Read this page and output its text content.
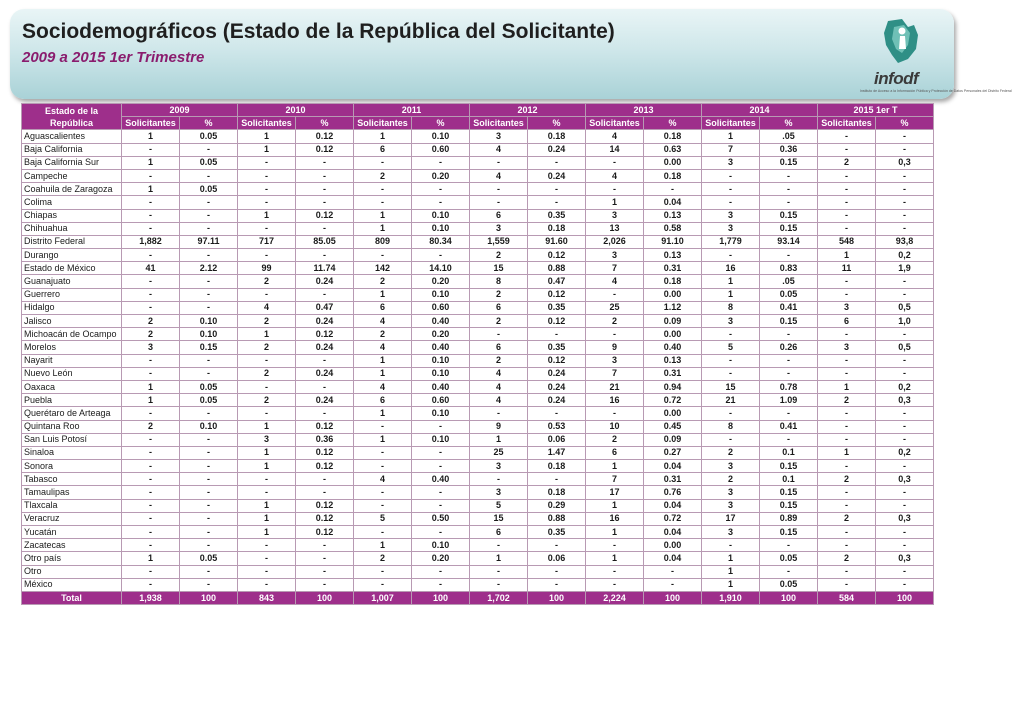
Sociodemográficos (Estado de la República del Solicitante)
2009 a 2015 1er Trimestre
infodf
Instituto de Acceso a la Información Pública y Protección de Datos Personales del Distrito Federal
Estado de la República	2009		2010		2011		2012		2013		2014		2015 1er T	
	Solicitantes	%	Solicitantes	%	Solicitantes	%	Solicitantes	%	Solicitantes	%	Solicitantes	%	Solicitantes	%
Aguascalientes	1	0.05	1	0.12	1	0.10	3	0.18	4	0.18	1	.05	-	-
Baja California	-	-	1	0.12	6	0.60	4	0.24	14	0.63	7	0.36	-	-
Baja California Sur	1	0.05	-	-	-	-	-	-	-	0.00	3	0.15	2	0,3
Campeche	-	-	-	-	2	0.20	4	0.24	4	0.18	-	-	-	-
Coahuila de Zaragoza	1	0.05	-	-	-	-	-	-	-	-	-	-	-	-
Colima	-	-	-	-	-	-	-	-	1	0.04	-	-	-	-
Chiapas	-	-	1	0.12	1	0.10	6	0.35	3	0.13	3	0.15	-	-
Chihuahua	-	-	-	-	1	0.10	3	0.18	13	0.58	3	0.15	-	-
Distrito Federal	1,882	97.11	717	85.05	809	80.34	1,559	91.60	2,026	91.10	1,779	93.14	548	93,8
Durango	-	-	-	-	-	-	2	0.12	3	0.13	-	-	1	0,2
Estado de México	41	2.12	99	11.74	142	14.10	15	0.88	7	0.31	16	0.83	11	1,9
Guanajuato	-	-	2	0.24	2	0.20	8	0.47	4	0.18	1	.05	-	-
Guerrero	-	-	-	-	1	0.10	2	0.12	-	0.00	1	0.05	-	-
Hidalgo	-	-	4	0.47	6	0.60	6	0.35	25	1.12	8	0.41	3	0,5
Jalisco	2	0.10	2	0.24	4	0.40	2	0.12	2	0.09	3	0.15	6	1,0
Michoacán de Ocampo	2	0.10	1	0.12	2	0.20	-	-	-	0.00	-	-	-	-
Morelos	3	0.15	2	0.24	4	0.40	6	0.35	9	0.40	5	0.26	3	0,5
Nayarit	-	-	-	-	1	0.10	2	0.12	3	0.13	-	-	-	-
Nuevo León	-	-	2	0.24	1	0.10	4	0.24	7	0.31	-	-	-	-
Oaxaca	1	0.05	-	-	4	0.40	4	0.24	21	0.94	15	0.78	1	0,2
Puebla	1	0.05	2	0.24	6	0.60	4	0.24	16	0.72	21	1.09	2	0,3
Querétaro de Arteaga	-	-	-	-	1	0.10	-	-	-	0.00	-	-	-	-
Quintana Roo	2	0.10	1	0.12	-	-	9	0.53	10	0.45	8	0.41	-	-
San Luis Potosí	-	-	3	0.36	1	0.10	1	0.06	2	0.09	-	-	-	-
Sinaloa	-	-	1	0.12	-	-	25	1.47	6	0.27	2	0.1	1	0,2
Sonora	-	-	1	0.12	-	-	3	0.18	1	0.04	3	0.15	-	-
Tabasco	-	-	-	-	4	0.40	-	-	7	0.31	2	0.1	2	0,3
Tamaulipas	-	-	-	-	-	-	3	0.18	17	0.76	3	0.15	-	-
Tlaxcala	-	-	1	0.12	-	-	5	0.29	1	0.04	3	0.15	-	-
Veracruz	-	-	1	0.12	5	0.50	15	0.88	16	0.72	17	0.89	2	0,3
Yucatán	-	-	1	0.12	-	-	6	0.35	1	0.04	3	0.15	-	-
Zacatecas	-	-	-	-	1	0.10	-	-	-	0.00	-	-	-	-
Otro país	1	0.05	-	-	2	0.20	1	0.06	1	0.04	1	0.05	2	0,3
Otro	-	-	-	-	-	-	-	-	-	-	1	-	-	-
México	-	-	-	-	-	-	-	-	-	-	1	0.05	-	-
Total	1,938	100	843	100	1,007	100	1,702	100	2,224	100	1,910	100	584	100
